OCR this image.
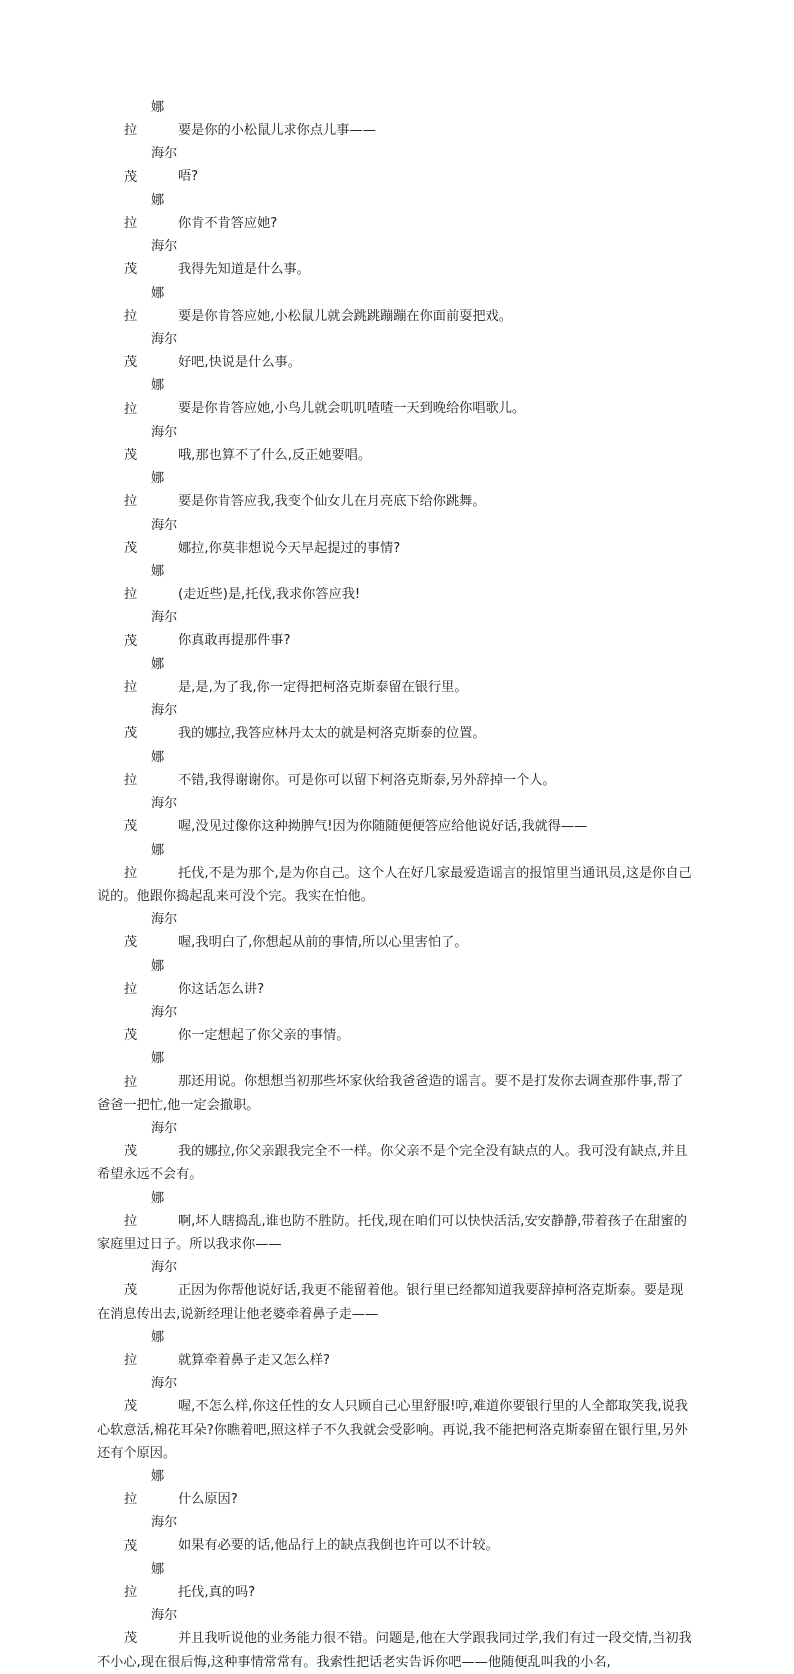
娜　拉	要是你的小松鼠儿求你点儿事——
海尔茂	唔?
娜　拉	你肯不肯答应她?
海尔茂	我得先知道是什么事。
娜　拉	要是你肯答应她,小松鼠儿就会跳跳蹦蹦在你面前耍把戏。
海尔茂	好吧,快说是什么事。
娜　拉	要是你肯答应她,小鸟儿就会叽叽喳喳一天到晚给你唱歌儿。
海尔茂	哦,那也算不了什么,反正她要唱。
娜　拉	要是你肯答应我,我变个仙女儿在月亮底下给你跳舞。
海尔茂	娜拉,你莫非想说今天早起提过的事情?
娜　拉	(走近些)是,托伐,我求你答应我!
海尔茂	你真敢再提那件事?
娜　拉	是,是,为了我,你一定得把柯洛克斯泰留在银行里。
海尔茂	我的娜拉,我答应林丹太太的就是柯洛克斯泰的位置。
娜　拉	不错,我得谢谢你。可是你可以留下柯洛克斯泰,另外辞掉一个人。
海尔茂	喔,没见过像你这种拗脾气!因为你随随便便答应给他说好话,我就得——
娜　拉	托伐,不是为那个,是为你自己。这个人在好几家最爱造谣言的报馆里当通讯员,这是你自己说的。他跟你捣起乱来可没个完。我实在怕他。
海尔茂	喔,我明白了,你想起从前的事情,所以心里害怕了。
娜　拉	你这话怎么讲?
海尔茂	你一定想起了你父亲的事情。
娜　拉	那还用说。你想想当初那些坏家伙给我爸爸造的谣言。要不是打发你去调查那件事,帮了爸爸一把忙,他一定会撤职。
海尔茂	我的娜拉,你父亲跟我完全不一样。你父亲不是个完全没有缺点的人。我可没有缺点,并且希望永远不会有。
娜　拉	啊,坏人瞎捣乱,谁也防不胜防。托伐,现在咱们可以快快活活,安安静静,带着孩子在甜蜜的家庭里过日子。所以我求你——
海尔茂	正因为你帮他说好话,我更不能留着他。银行里已经都知道我要辞掉柯洛克斯泰。要是现在消息传出去,说新经理让他老婆牵着鼻子走——
娜　拉	就算牵着鼻子走又怎么样?
海尔茂	喔,不怎么样,你这任性的女人只顾自己心里舒服!哼,难道你要银行里的人全都取笑我,说我心软意活,棉花耳朵?你瞧着吧,照这样子不久我就会受影响。再说,我不能把柯洛克斯泰留在银行里,另外还有个原因。
娜　拉	什么原因?
海尔茂	如果有必要的话,他品行上的缺点我倒也许可以不计较。
娜　拉	托伐,真的吗?
海尔茂	并且我听说他的业务能力很不错。问题是,他在大学跟我同过学,我们有过一段交情,当初我不小心,现在很后悔,这种事情常常有。我索性把话老实告诉你吧——他随便乱叫我的小名,
